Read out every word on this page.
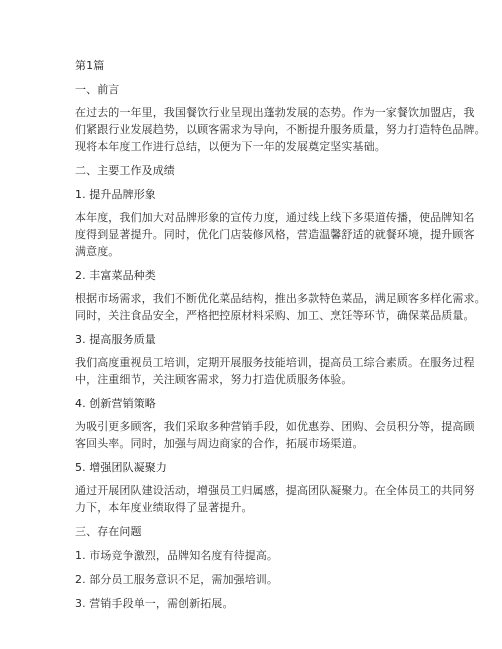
第1篇
一、前言
在过去的一年里，我国餐饮行业呈现出蓬勃发展的态势。作为一家餐饮加盟店，我
们紧跟行业发展趋势，以顾客需求为导向，不断提升服务质量，努力打造特色品牌。
现将本年度工作进行总结，以便为下一年的发展奠定坚实基础。
二、主要工作及成绩
1. 提升品牌形象
本年度，我们加大对品牌形象的宣传力度，通过线上线下多渠道传播，使品牌知名
度得到显著提升。同时，优化门店装修风格，营造温馨舒适的就餐环境，提升顾客
满意度。
2. 丰富菜品种类
根据市场需求，我们不断优化菜品结构，推出多款特色菜品，满足顾客多样化需求。
同时，关注食品安全，严格把控原材料采购、加工、烹饪等环节，确保菜品质量。
3. 提高服务质量
我们高度重视员工培训，定期开展服务技能培训，提高员工综合素质。在服务过程
中，注重细节，关注顾客需求，努力打造优质服务体验。
4. 创新营销策略
为吸引更多顾客，我们采取多种营销手段，如优惠券、团购、会员积分等，提高顾
客回头率。同时，加强与周边商家的合作，拓展市场渠道。
5. 增强团队凝聚力
通过开展团队建设活动，增强员工归属感，提高团队凝聚力。在全体员工的共同努
力下，本年度业绩取得了显著提升。
三、存在问题
1. 市场竞争激烈，品牌知名度有待提高。
2. 部分员工服务意识不足，需加强培训。
3. 营销手段单一，需创新拓展。
